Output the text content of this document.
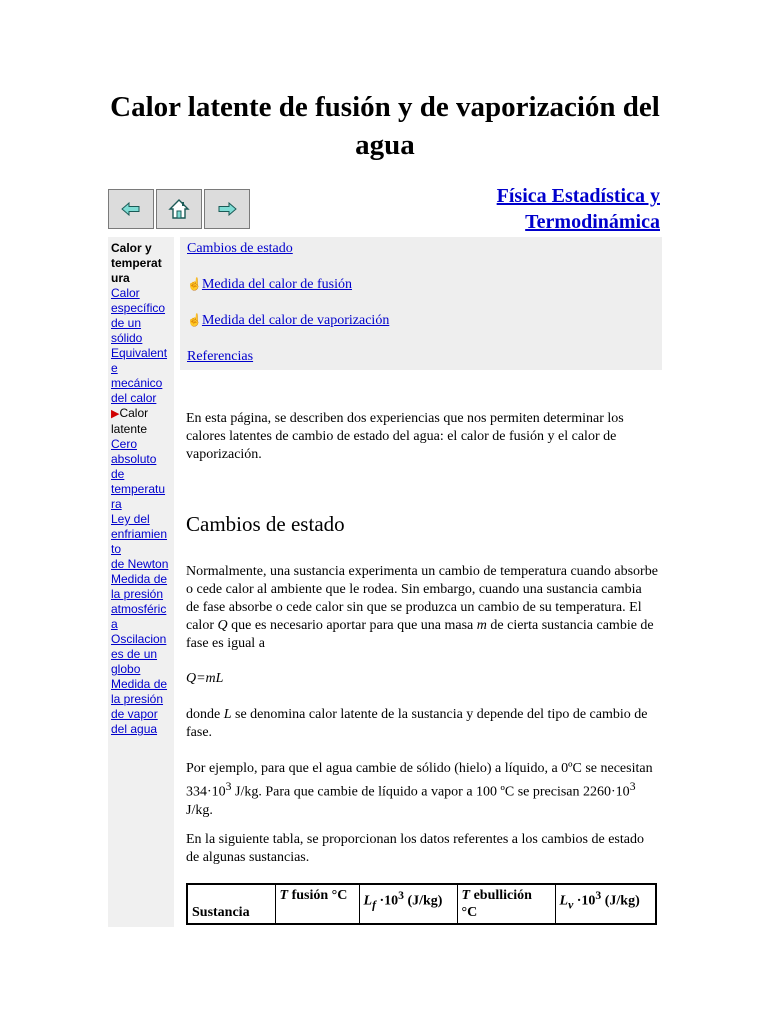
Calor latente de fusión y de vaporización del agua
Física Estadística y
Termodinámica
Calor y
temperat
ura
Calor
específico
de un
sólido
Equivalent
e
mecánico
del calor
▶Calor
latente
Cero
absoluto
de
temperatu
ra
Ley del
enfriamien
to
de Newton
Medida de
la presión
atmosféric
a
Oscilacion
es de un
globo
Medida de
la presión
de vapor
del agua
Cambios de estado
☝Medida del calor de fusión
☝Medida del calor de vaporización
Referencias

En esta página, se describen dos experiencias que nos permiten determinar los calores latentes de cambio de estado del agua: el calor de fusión y el calor de vaporización.

Cambios de estado

Normalmente, una sustancia experimenta un cambio de temperatura cuando absorbe o cede calor al ambiente que le rodea. Sin embargo, cuando una sustancia cambia de fase absorbe o cede calor sin que se produzca un cambio de su temperatura. El calor Q que es necesario aportar para que una masa m de cierta sustancia cambie de fase es igual a

Q=mL

donde L se denomina calor latente de la sustancia y depende del tipo de cambio de fase.

Por ejemplo, para que el agua cambie de sólido (hielo) a líquido, a 0ºC se necesitan $334\cdot 10^3$ J/kg. Para que cambie de líquido a vapor a 100 ºC se precisan $2260\cdot 10^3$ J/kg.

En la siguiente tabla, se proporcionan los datos referentes a los cambios de estado de algunas sustancias.

Sustancia	T fusión °C	$L_f \cdot 10^3$ (J/kg)	T ebullición °C	$L_v \cdot 10^3$ (J/kg)
